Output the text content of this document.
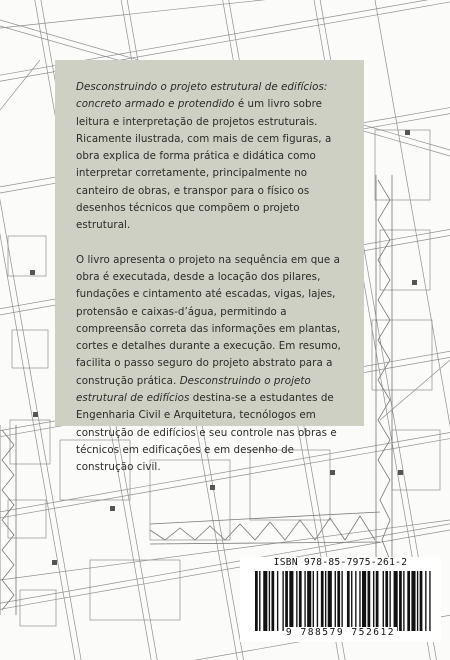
Desconstruindo o projeto estrutural de edifícios: concreto armado e protendido é um livro sobre leitura e interpretação de projetos estruturais. Ricamente ilustrada, com mais de cem figuras, a obra explica de forma prática e didática como interpretar corretamente, principalmente no canteiro de obras, e transpor para o físico os desenhos técnicos que compõem o projeto estrutural.

O livro apresenta o projeto na sequência em que a obra é executada, desde a locação dos pilares, fundações e cintamento até escadas, vigas, lajes, protensão e caixas-d’água, permitindo a compreensão correta das informações em plantas, cortes e detalhes durante a execução. Em resumo, facilita o passo seguro do projeto abstrato para a construção prática. Desconstruindo o projeto estrutural de edifícios destina-se a estudantes de Engenharia Civil e Arquitetura, tecnólogos em construção de edifícios e seu controle nas obras e técnicos em edificações e em desenho de construção civil.

ISBN 978-85-7975-261-2
9 788579 752612
